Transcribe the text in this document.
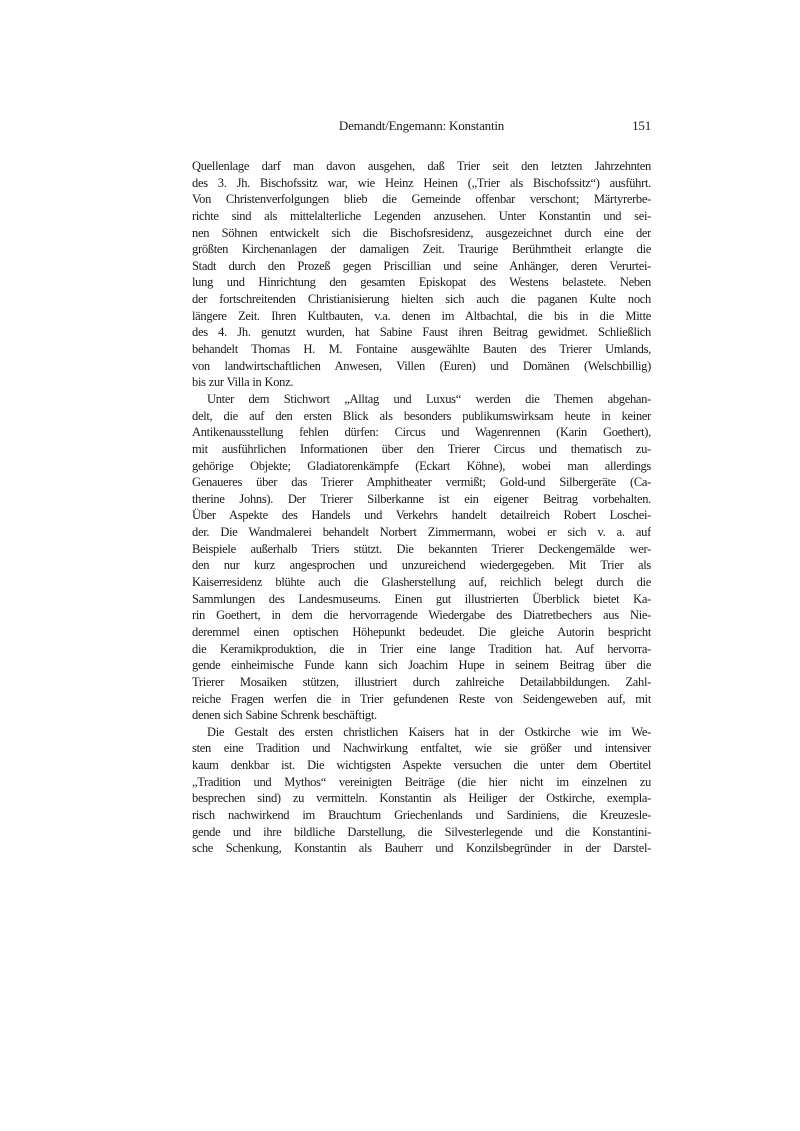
Demandt/Engemann: Konstantin	151
Quellenlage darf man davon ausgehen, daß Trier seit den letzten Jahrzehnten
des 3. Jh. Bischofssitz war, wie Heinz Heinen („Trier als Bischofssitz“) ausführt.
Von Christenverfolgungen blieb die Gemeinde offenbar verschont; Märtyrerbe-
richte sind als mittelalterliche Legenden anzusehen. Unter Konstantin und sei-
nen Söhnen entwickelt sich die Bischofsresidenz, ausgezeichnet durch eine der
größten Kirchenanlagen der damaligen Zeit. Traurige Berühmtheit erlangte die
Stadt durch den Prozeß gegen Priscillian und seine Anhänger, deren Verurtei-
lung und Hinrichtung den gesamten Episkopat des Westens belastete. Neben
der fortschreitenden Christianisierung hielten sich auch die paganen Kulte noch
längere Zeit. Ihren Kultbauten, v.a. denen im Altbachtal, die bis in die Mitte
des 4. Jh. genutzt wurden, hat Sabine Faust ihren Beitrag gewidmet. Schließlich
behandelt Thomas H. M. Fontaine ausgewählte Bauten des Trierer Umlands,
von landwirtschaftlichen Anwesen, Villen (Euren) und Domänen (Welschbillig)
bis zur Villa in Konz.
Unter dem Stichwort „Alltag und Luxus“ werden die Themen abgehan-
delt, die auf den ersten Blick als besonders publikumswirksam heute in keiner
Antikenausstellung fehlen dürfen: Circus und Wagenrennen (Karin Goethert),
mit ausführlichen Informationen über den Trierer Circus und thematisch zu-
gehörige Objekte; Gladiatorenkämpfe (Eckart Köhne), wobei man allerdings
Genaueres über das Trierer Amphitheater vermißt; Gold-und Silbergeräte (Ca-
therine Johns). Der Trierer Silberkanne ist ein eigener Beitrag vorbehalten.
Über Aspekte des Handels und Verkehrs handelt detailreich Robert Loschei-
der. Die Wandmalerei behandelt Norbert Zimmermann, wobei er sich v. a. auf
Beispiele außerhalb Triers stützt. Die bekannten Trierer Deckengemälde wer-
den nur kurz angesprochen und unzureichend wiedergegeben. Mit Trier als
Kaiserresidenz blühte auch die Glasherstellung auf, reichlich belegt durch die
Sammlungen des Landesmuseums. Einen gut illustrierten Überblick bietet Ka-
rin Goethert, in dem die hervorragende Wiedergabe des Diatretbechers aus Nie-
deremmel einen optischen Höhepunkt bedeudet. Die gleiche Autorin bespricht
die Keramikproduktion, die in Trier eine lange Tradition hat. Auf hervorra-
gende einheimische Funde kann sich Joachim Hupe in seinem Beitrag über die
Trierer Mosaiken stützen, illustriert durch zahlreiche Detailabbildungen. Zahl-
reiche Fragen werfen die in Trier gefundenen Reste von Seidengeweben auf, mit
denen sich Sabine Schrenk beschäftigt.
Die Gestalt des ersten christlichen Kaisers hat in der Ostkirche wie im We-
sten eine Tradition und Nachwirkung entfaltet, wie sie größer und intensiver
kaum denkbar ist. Die wichtigsten Aspekte versuchen die unter dem Obertitel
„Tradition und Mythos“ vereinigten Beiträge (die hier nicht im einzelnen zu
besprechen sind) zu vermitteln. Konstantin als Heiliger der Ostkirche, exempla-
risch nachwirkend im Brauchtum Griechenlands und Sardiniens, die Kreuzesle-
gende und ihre bildliche Darstellung, die Silvesterlegende und die Konstantini-
sche Schenkung, Konstantin als Bauherr und Konzilsbegründer in der Darstel-
